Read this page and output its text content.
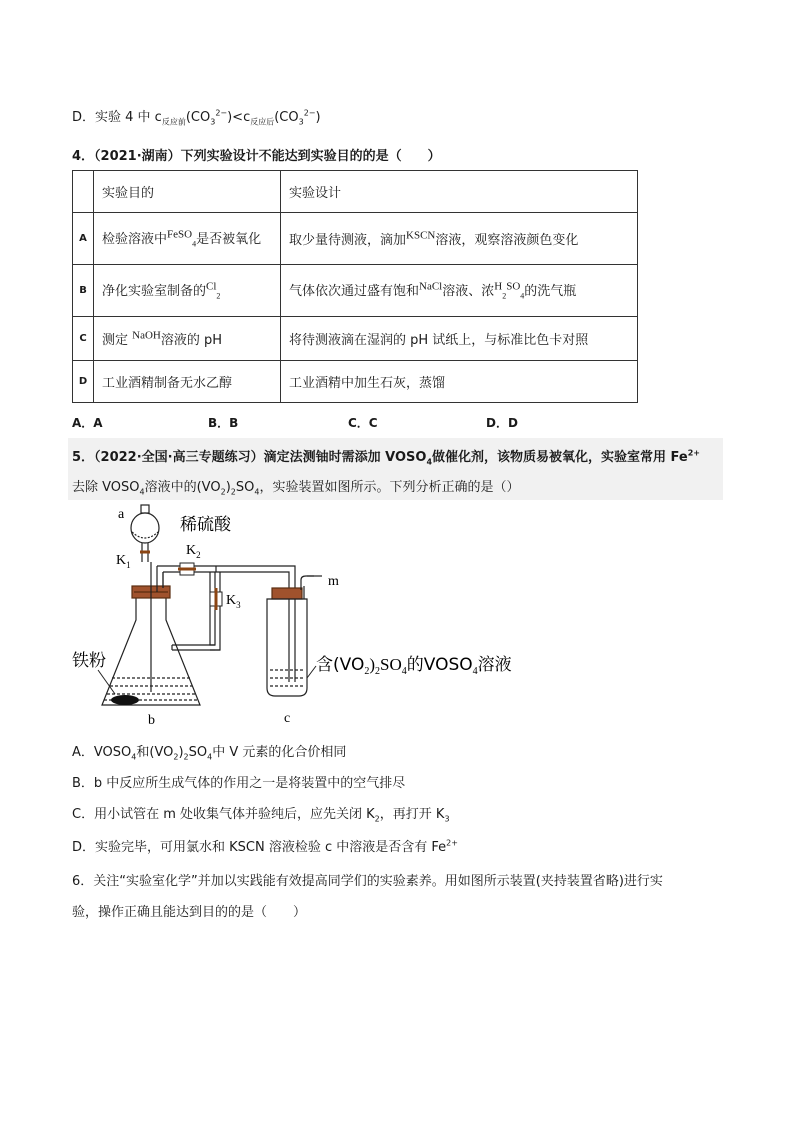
D．实验 4 中 $c_{反应前}(CO_3^{2-})<c_{反应后}(CO_3^{2-})$
4．（2021·湖南）下列实验设计不能达到实验目的的是（　　）
	实验目的	实验设计
A	检验溶液中$^{FeSO}_4$是否被氧化	取少量待测液，滴加$^{KSCN}$溶液，观察溶液颜色变化
B	净化实验室制备的$^{Cl}_2$	气体依次通过盛有饱和$^{NaCl}$溶液、浓$^H_2^{SO}_4$的洗气瓶
C	测定 $^{NaOH}$溶液的 pH	将待测液滴在湿润的 pH 试纸上，与标准比色卡对照
D	工业酒精制备无水乙醇	工业酒精中加生石灰，蒸馏
A．A	B．B	C．C	D．D
5．（2022·全国·高三专题练习）滴定法测铀时需添加 $VOSO_4$做催化剂，该物质易被氧化，实验室常用 $Fe^{2+}$
去除 $VOSO_4$溶液中的$(VO_2)_2SO_4$，实验装置如图所示。下列分析正确的是（）
a
稀硫酸
$K_1$
铁粉
b
$K_2$
$K_3$
m
c
含$(VO_2)_2SO_4$的$VOSO_4$溶液
A．$VOSO_4$和$(VO_2)_2SO_4$中 V 元素的化合价相同
B．b 中反应所生成气体的作用之一是将装置中的空气排尽
C．用小试管在 m 处收集气体并验纯后，应先关闭 $K_2$，再打开 $K_3$
D．实验完毕，可用氯水和 KSCN 溶液检验 c 中溶液是否含有 $Fe^{2+}$
6．关注“实验室化学”并加以实践能有效提高同学们的实验素养。用如图所示装置(夹持装置省略)进行实
验，操作正确且能达到目的的是（　　）
